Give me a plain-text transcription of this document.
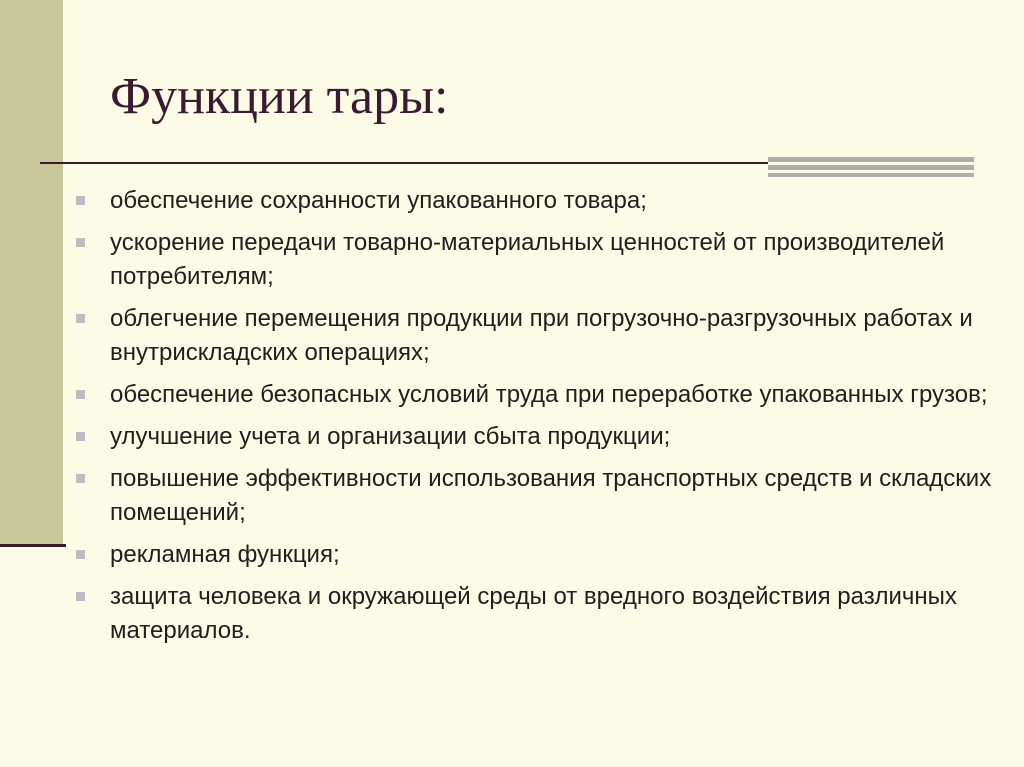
Функции тары:
обеспечение сохранности упакованного товара;
ускорение передачи товарно-материальных ценностей от производителей потребителям;
облегчение перемещения продукции при погрузочно-разгрузочных работах и внутрискладских операциях;
обеспечение безопасных условий труда при переработке упакованных грузов;
улучшение учета и организации сбыта продукции;
повышение эффективности использования транспортных средств и складских помещений;
рекламная функция;
защита человека и окружающей среды от вредного воздействия различных материалов.
